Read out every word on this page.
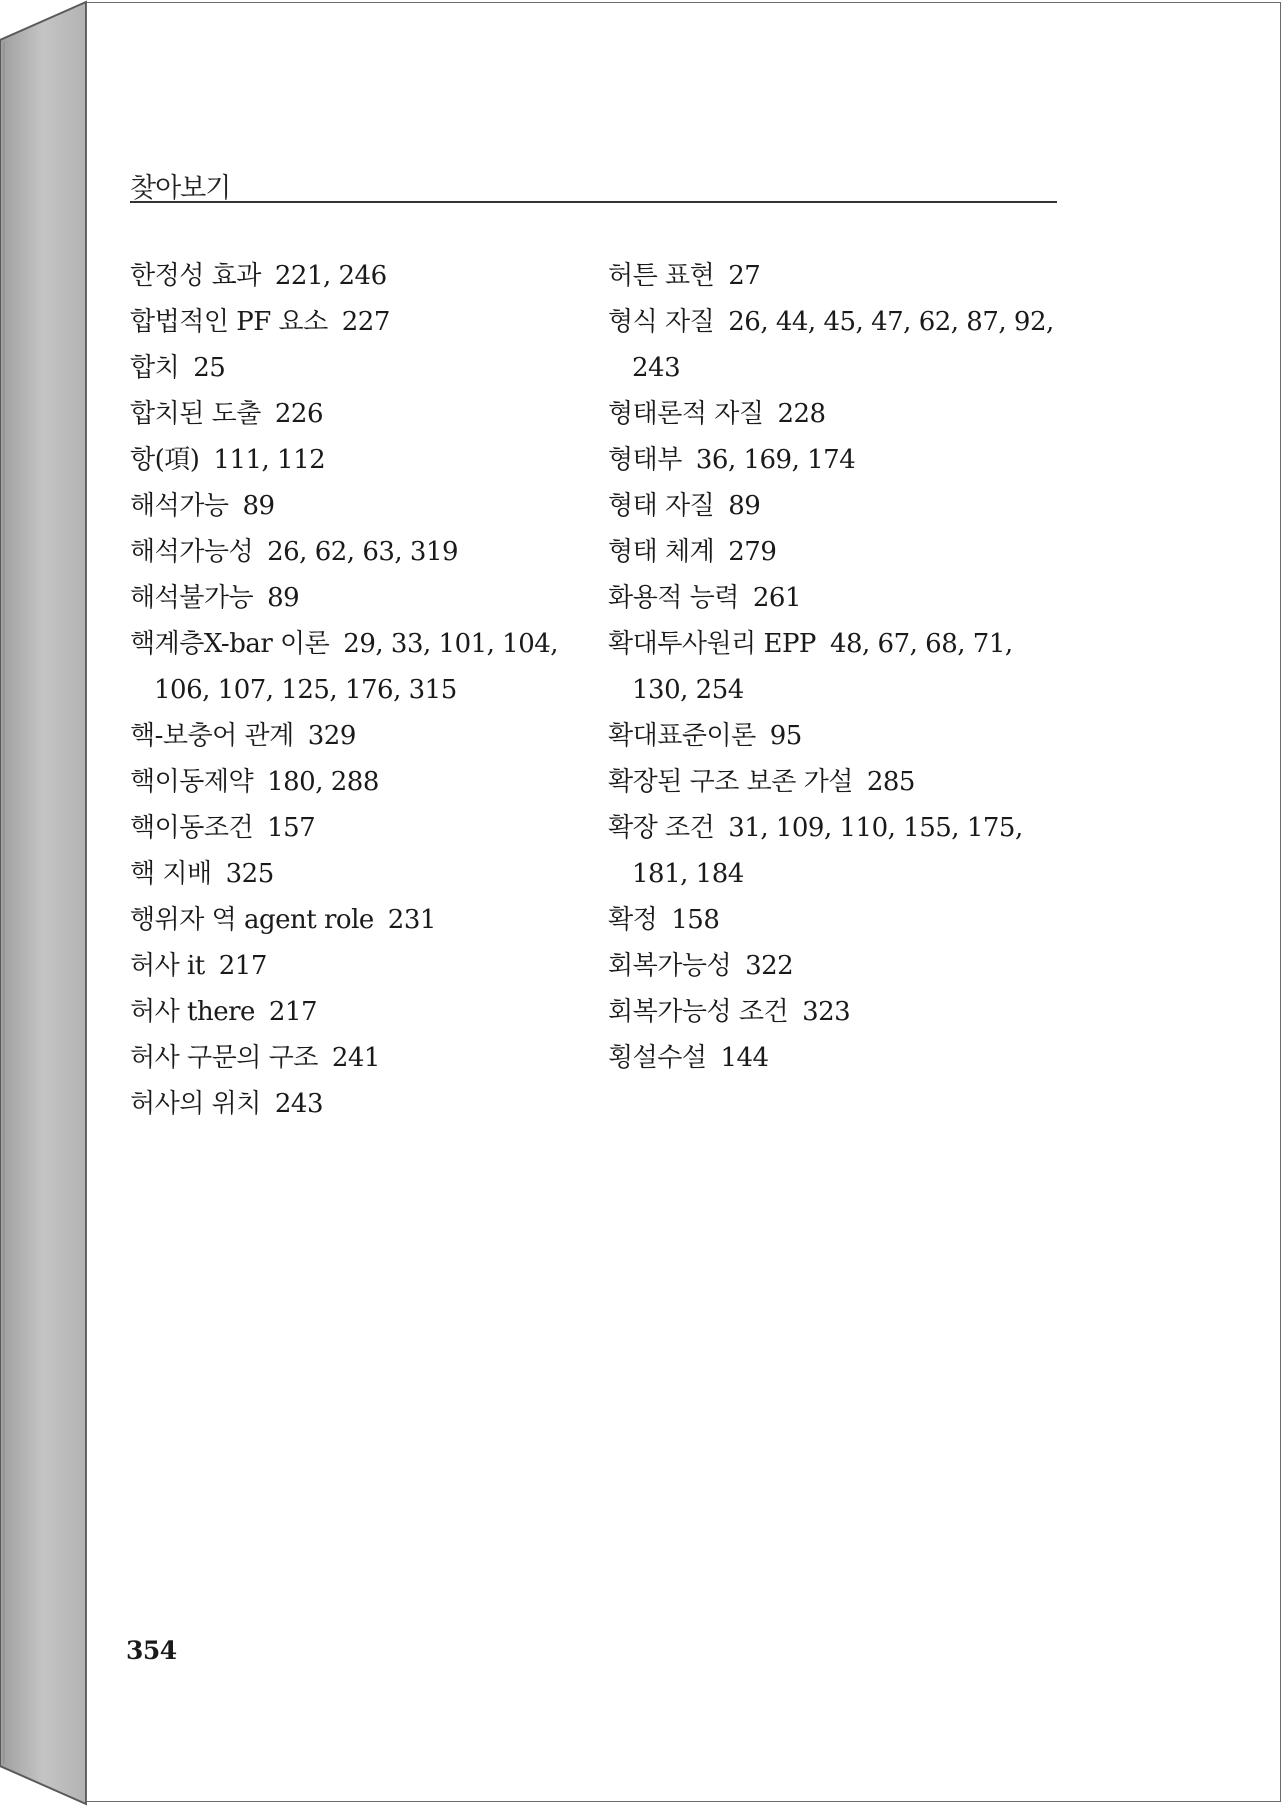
찾아보기
한정성 효과 221, 246
합법적인 PF 요소 227
합치 25
합치된 도출 226
항(項) 111, 112
해석가능 89
해석가능성 26, 62, 63, 319
해석불가능 89
핵계층X-bar 이론 29, 33, 101, 104,
106, 107, 125, 176, 315
핵-보충어 관계 329
핵이동제약 180, 288
핵이동조건 157
핵 지배 325
행위자 역 agent role 231
허사 it 217
허사 there 217
허사 구문의 구조 241
허사의 위치 243
허튼 표현 27
형식 자질 26, 44, 45, 47, 62, 87, 92,
243
형태론적 자질 228
형태부 36, 169, 174
형태 자질 89
형태 체계 279
화용적 능력 261
확대투사원리 EPP 48, 67, 68, 71,
130, 254
확대표준이론 95
확장된 구조 보존 가설 285
확장 조건 31, 109, 110, 155, 175,
181, 184
확정 158
회복가능성 322
회복가능성 조건 323
횡설수설 144
354
